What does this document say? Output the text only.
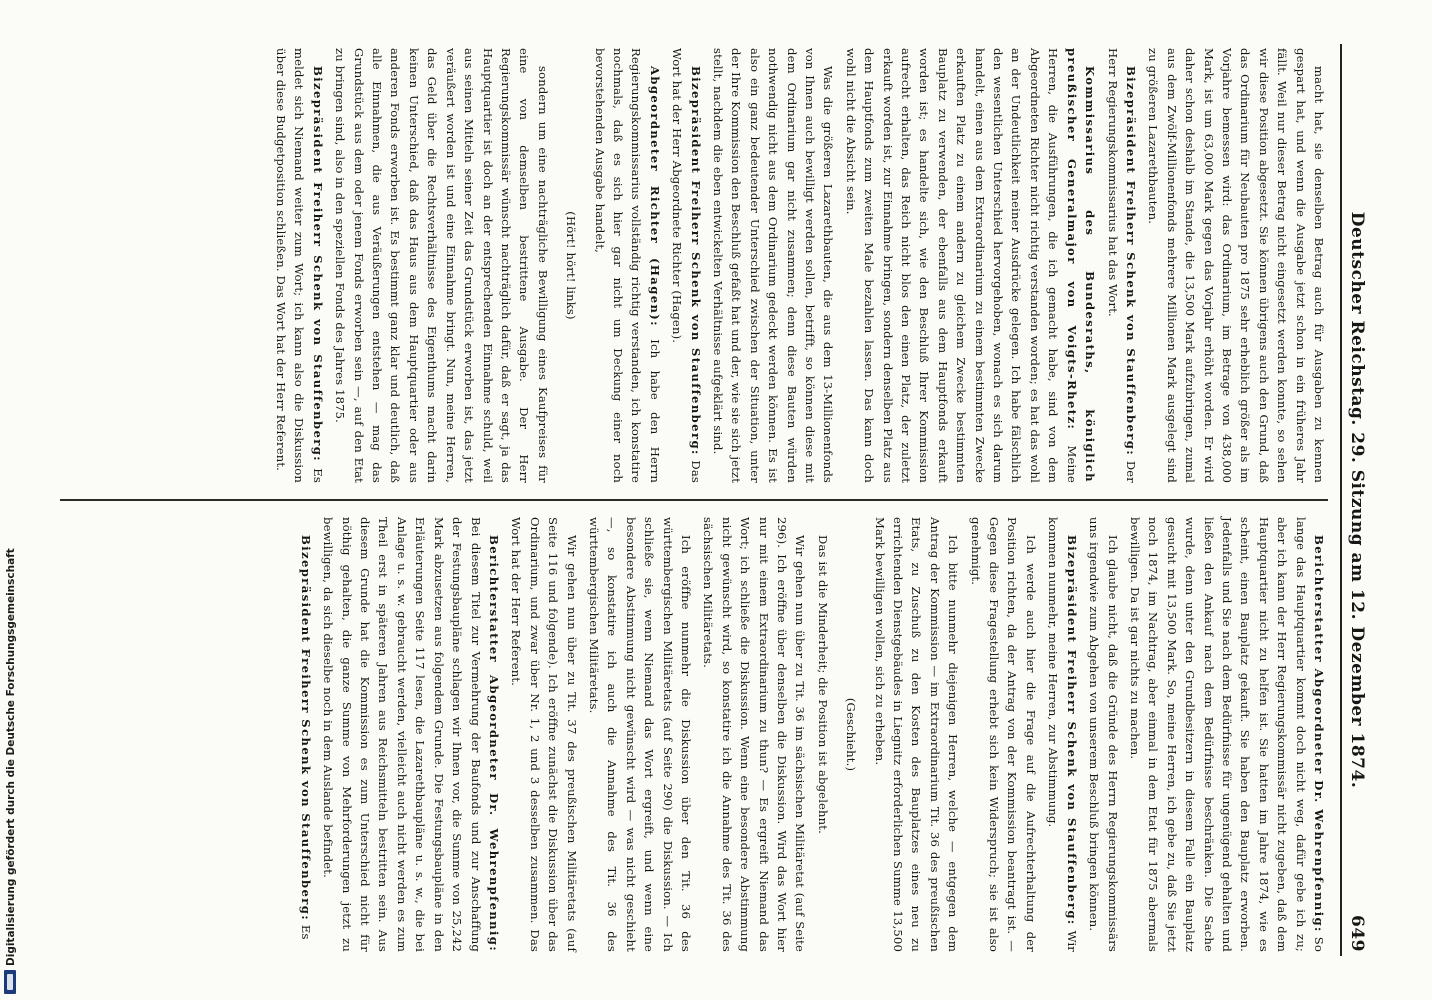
Deutscher Reichstag. 29. Sitzung am 12. Dezember 1874.
649

macht hat, sie denselben Betrag auch für Ausgaben zu kennen gespart hat, und wenn die Ausgabe jetzt schon in ein früheres Jahr fällt. Weil nur dieser Betrag nicht eingesetzt werden konnte, so sehen wir diese Position abgesetzt. Sie können übrigens auch den Grund, daß das Ordinarium für Neubauten pro 1875 sehr erheblich größer als im Vorjahre bemessen wird: das Ordinarium, im Betrage von 438,000 Mark, ist um 63,000 Mark gegen das Vorjahr erhöht worden. Er wird daher schon deshalb im Stande, die 13,500 Mark aufzubringen, zumal aus dem Zwölf-Millionenfonds mehrere Millionen Mark ausgelegt sind zu größeren Lazarethbauten.

Bizepräsident Freiherr Schenk von Stauffenberg: Der Herr Regierungskommissarius hat das Wort.

Kommissarius des Bundesraths, königlich preußischer Generalmajor von Voigts-Rhetz: Meine Herren, die Ausführungen, die ich gemacht habe, sind von dem Abgeordneten Richter nicht richtig verstanden worden; es hat das wohl an der Undeutlichkeit meiner Ausdrücke gelegen. Ich habe fälschlich den wesentlichen Unterschied hervorgehoben, wonach es sich darum handelt, einen aus dem Extraordinarium zu einem bestimmten Zwecke erkauften Platz zu einem andern zu gleichem Zwecke bestimmten Bauplatz zu verwenden, der ebenfalls aus dem Hauptfonds erkauft worden ist; es handelte sich, wie den Beschluß Ihrer Kommission aufrecht erhalten, das Reich nicht blos den einen Platz, der zuletzt erkauft worden ist, zur Einnahme bringen, sondern denselben Platz aus dem Hauptfonds zum zweiten Male bezahlen lassen. Das kann doch wohl nicht die Absicht sein.

Was die größeren Lazarethbauten, die aus dem 13-Millionenfonds von Ihnen auch bewilligt werden sollen, betrifft, so können diese mit dem Ordinarium gar nicht zusammen; denn diese Bauten würden nothwendig nicht aus dem Ordinarium gedeckt werden können. Es ist also ein ganz bedeutender Unterschied zwischen der Situation, unter der Ihre Kommission den Beschluß gefaßt hat und der, wie sie sich jetzt stellt, nachdem die eben entwickelten Verhältnisse aufgeklärt sind.

Bizepräsident Freiherr Schenk von Stauffenberg: Das Wort hat der Herr Abgeordnete Richter (Hagen).

Abgeordneter Richter (Hagen): Ich habe den Herrn Regierungskommissarius vollständig richtig verstanden, ich konstatire nochmals, daß es sich hier gar nicht um Deckung einer noch bevorstehenden Ausgabe handelt,

(Hört! hört! links)

sondern um eine nachträgliche Bewilligung eines Kaufpreises für eine von demselben bestrittene Ausgabe. Der Herr Regierungskommissär wünscht nachträglich dafür, daß er sagt, ja das Hauptquartier ist doch an der entsprechenden Einnahme schuld, weil aus seinen Mitteln seiner Zeit das Grundstück erworben ist, das jetzt veräußert worden ist und eine Einnahme bringt. Nun, meine Herren, das Geld über die Rechtsverhältnisse des Eigenthums macht darin keinen Unterschied, daß das Haus aus dem Hauptquartier oder aus anderen Fonds erworben ist. Es bestimmt ganz klar und deutlich, daß alle Einnahmen, die aus Veräußerungen entstehen — mag das Grundstück aus dem oder jenem Fonds erworben sein —, auf den Etat zu bringen sind, also in den speziellen Fonds des Jahres 1875.

Bizepräsident Freiherr Schenk von Stauffenberg: Es meldet sich Niemand weiter zum Wort; ich kann also die Diskussion über diese Budgetposition schließen. Das Wort hat der Herr Referent.

Berichterstatter Abgeordneter Dr. Wehrenpfennig: So lange das Hauptquartier kommt doch nicht weg, dafür gebe ich zu; aber ich kann der Herr Regierungskommissär nicht zugeben, daß dem Hauptquartier nicht zu helfen ist. Sie hatten im Jahre 1874, wie es scheint, einen Bauplatz gekauft. Sie haben den Bauplatz erworben. Jedenfalls und Sie nach dem Bedürfnisse für ungenügend gehalten und ließen den Ankauf nach dem Bedürfnisse beschränken. Die Sache wurde, denn unter den Grundbesitzern in diesem Falle ein Bauplatz gesucht mit 13,500 Mark. So, meine Herren, ich gebe zu, daß Sie jetzt noch 1874, im Nachtrag, aber einmal in dem Etat für 1875 abermals bewilligen. Da ist gar nichts zu machen.

Ich glaube nicht, daß die Gründe des Herrn Regierungskommissärs uns irgendwie zum Abgehen von unserem Beschluß bringen können.

Bizepräsident Freiherr Schenk von Stauffenberg: Wir kommen nunmehr, meine Herren, zur Abstimmung.

Ich werde auch hier die Frage auf die Aufrechterhaltung der Position richten, da der Antrag von der Kommission beantragt ist. — Gegen diese Fragestellung erhebt sich kein Widerspruch; sie ist also genehmigt.

Ich bitte nunmehr diejenigen Herren, welche — entgegen dem Antrag der Kommission — im Extraordinarium Tit. 36 des preußischen Etats, zu Zuschuß zu den Kosten des Bauplatzes eines neu zu errichtenden Dienstgebäudes in Liegnitz erforderlichen Summe 13,500 Mark bewilligen wollen, sich zu erheben.

(Geschieht.)

Das ist die Minderheit; die Position ist abgelehnt.

Wir gehen nun über zu Tit. 36 im sächsischen Militäretat (auf Seite 296). Ich eröffne über denselben die Diskussion. Wird das Wort hier nur mit einem Extraordinarium zu thun? — Es ergreift Niemand das Wort; ich schließe die Diskussion. Wenn eine besondere Abstimmung nicht gewünscht wird, so konstatire ich die Annahme des Tit. 36 des sächsischen Militäretats.

Ich eröffne nunmehr die Diskussion über den Tit. 36 des württembergischen Militäretats (auf Seite 290) die Diskussion. — Ich schließe sie, wenn Niemand das Wort ergreift, und wenn eine besondere Abstimmung nicht gewünscht wird — was nicht geschieht —, so konstatire ich auch die Annahme des Tit. 36 des württembergischen Militäretats.

Wir gehen nun über zu Tit. 37 des preußischen Militäretats (auf Seite 116 und folgende). Ich eröffne zunächst die Diskussion über das Ordinarium, und zwar über Nr. 1, 2 und 3 desselben zusammen. Das Wort hat der Herr Referent.

Berichterstatter Abgeordneter Dr. Wehrenpfennig: Bei diesem Titel zur Vermehrung der Baufonds und zur Anschaffung der Festungsbaupläne schlagen wir Ihnen vor, die Summe von 25,242 Mark abzusetzen aus folgendem Grunde. Die Festungsbaupläne in den Erläuterungen Seite 117 lesen, die Lazarethbaupläne u. s. w., die bei Anlage u. s. w. gebraucht werden, vielleicht auch nicht werden es zum Theil erst in späteren Jahren aus Reichsmitteln bestritten sein. Aus diesem Grunde hat die Kommission es zum Unterschied nicht für nöthig gehalten, die ganze Summe von Mehrforderungen jetzt zu bewilligen, da sich dieselbe noch in dem Auslande befindet.

Bizepräsident Freiherr Schenk von Stauffenberg: Es

Digitalisierung gefördert durch die Deutsche Forschungsgemeinschaft
